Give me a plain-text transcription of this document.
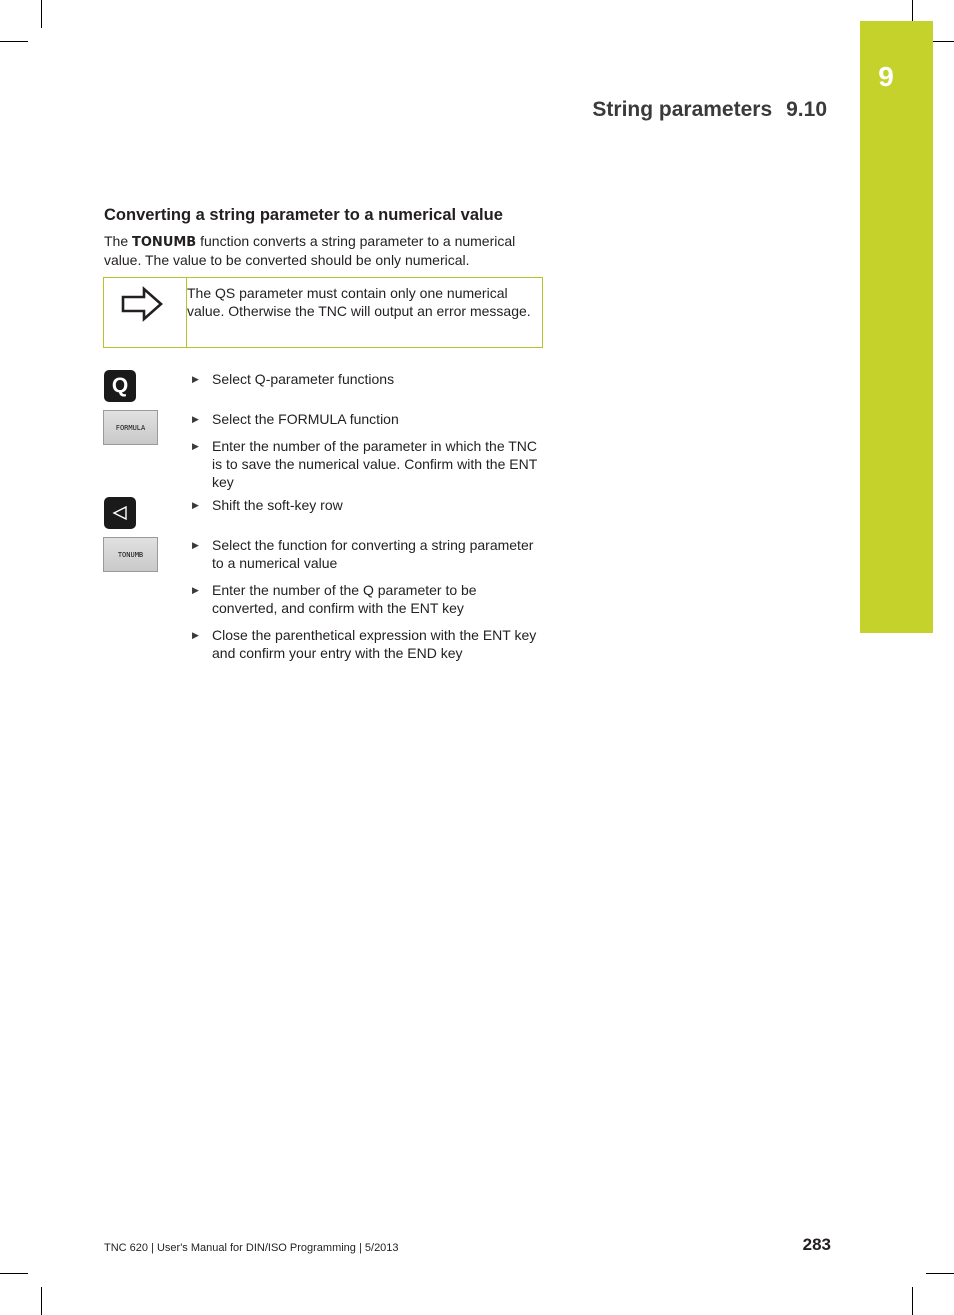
9
String parameters 9.10
Converting a string parameter to a numerical value
The TONUMB function converts a string parameter to a numerical value. The value to be converted should be only numerical.
The QS parameter must contain only one numerical value. Otherwise the TNC will output an error message.
Q
FORMULA
TONUMB
▶ Select Q-parameter functions
▶ Select the FORMULA function
▶ Enter the number of the parameter in which the TNC is to save the numerical value. Confirm with the ENT key
▶ Shift the soft-key row
▶ Select the function for converting a string parameter to a numerical value
▶ Enter the number of the Q parameter to be converted, and confirm with the ENT key
▶ Close the parenthetical expression with the ENT key and confirm your entry with the END key
TNC 620 | User's Manual for DIN/ISO Programming | 5/2013	283
